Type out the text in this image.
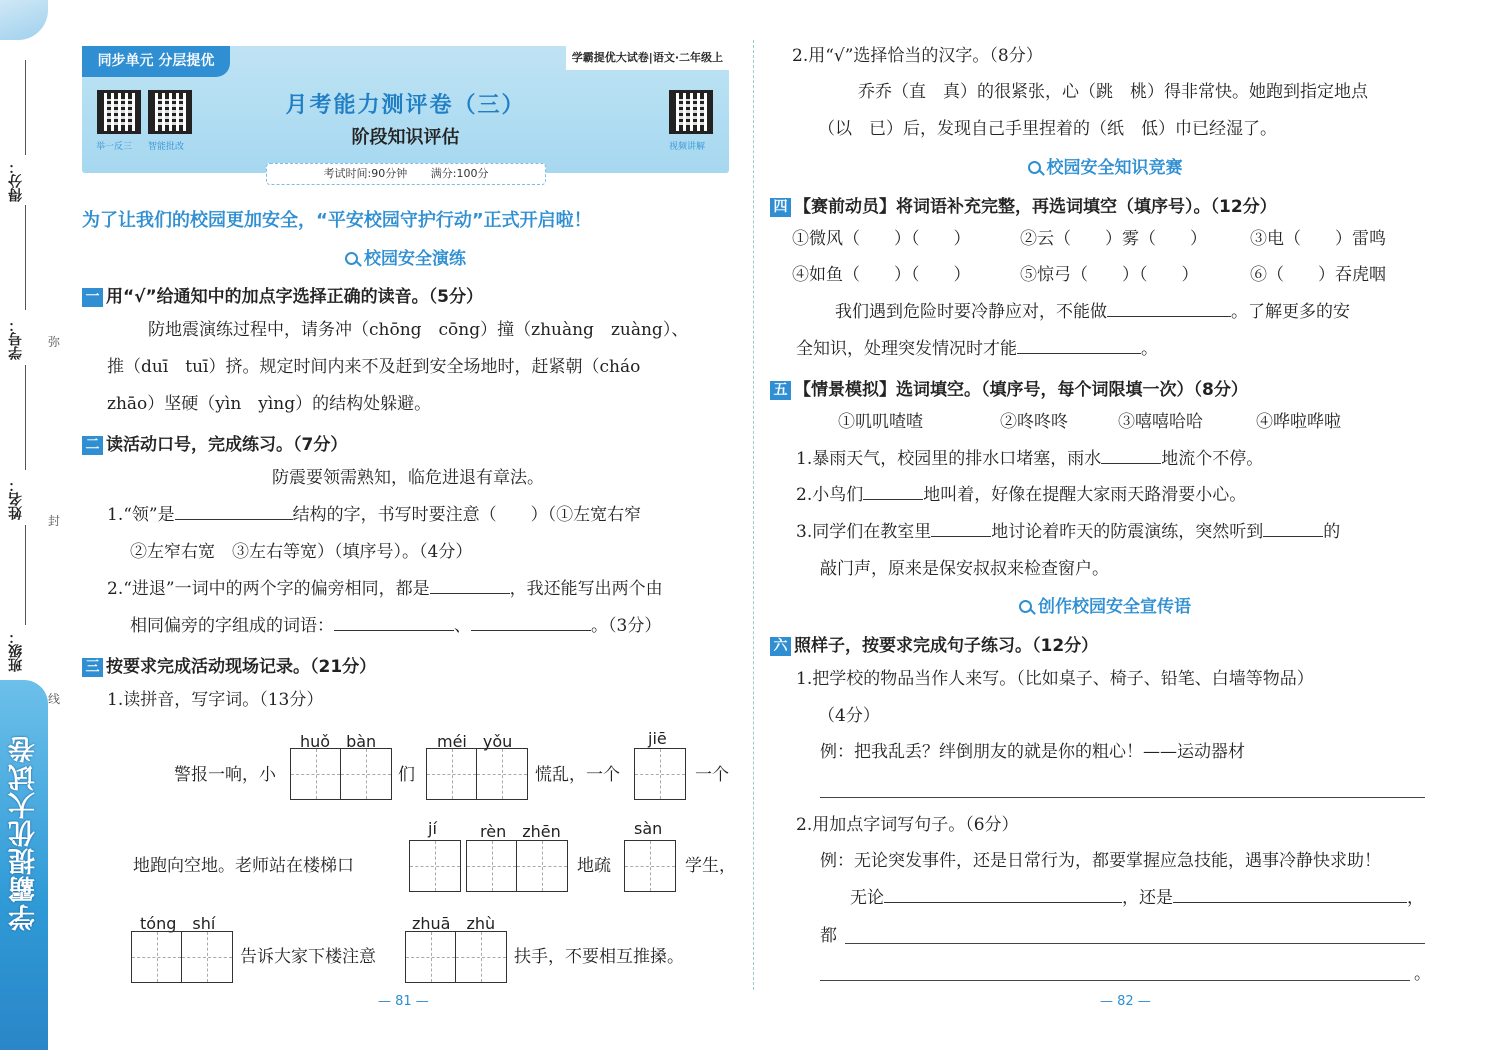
得分：
学号：
姓名：
班级：
弥
封
线
学霸提优大试卷
同步单元 分层提优	学霸提优大试卷|语文·二年级上
举一反三 智能批改	视频讲解
月考能力测评卷（三）
阶段知识评估
考试时间:90分钟 满分:100分
为了让我们的校园更加安全，“平安校园守护行动”正式开启啦！
校园安全演练
一 用“√”给通知中的加点字选择正确的读音。（5分）
防地震演练过程中，请务冲（chōng　cōng）撞（zhuàng　zuàng）、
推（duī　tuī）挤。规定时间内来不及赶到安全场地时，赶紧朝（cháo
zhāo）坚硬（yìn　yìng）的结构处躲避。
二 读活动口号，完成练习。（7分）
防震要领需熟知，临危进退有章法。
1.“领”是	结构的字，书写时要注意（　　）（①左宽右窄
②左窄右宽　③左右等宽）（填序号）。（4分）
2.“进退”一词中的两个字的偏旁相同，都是	，我还能写出两个由
相同偏旁的字组成的词语：	、	。（3分）
三 按要求完成活动现场记录。（21分）
1.读拼音，写字词。（13分）
huǒ　bàn	méi　yǒu	jiē
警报一响，小	们	慌乱，一个	一个
jí	rèn　zhēn	sàn
地跑向空地。老师站在楼梯口	地疏	学生，
tóng　shí	zhuā　zhù
告诉大家下楼注意	扶手，不要相互推搡。
— 81 —
2.用“√”选择恰当的汉字。（8分）
乔乔（直　真）的很紧张，心（跳　桃）得非常快。她跑到指定地点
（以　已）后，发现自己手里捏着的（纸　低）巾已经湿了。
校园安全知识竞赛
四 【赛前动员】将词语补充完整，再选词填空（填序号）。（12分）
①微风（　　）（　　）	②云（　　）雾（　　）	③电（　　）雷鸣
④如鱼（　　）（　　）	⑤惊弓（　　）（　　）	⑥（　　）吞虎咽
我们遇到危险时要冷静应对，不能做	。了解更多的安
全知识，处理突发情况时才能	。
五 【情景模拟】选词填空。（填序号，每个词限填一次）（8分）
①叽叽喳喳	②咚咚咚	③嘻嘻哈哈	④哗啦哗啦
1.暴雨天气，校园里的排水口堵塞，雨水	地流个不停。
2.小鸟们	地叫着，好像在提醒大家雨天路滑要小心。
3.同学们在教室里	地讨论着昨天的防震演练，突然听到	的
敲门声，原来是保安叔叔来检查窗户。
创作校园安全宣传语
六 照样子，按要求完成句子练习。（12分）
1.把学校的物品当作人来写。（比如桌子、椅子、铅笔、白墙等物品）
（4分）
例：把我乱丢？绊倒朋友的就是你的粗心！——运动器材
2.用加点字词写句子。（6分）
例：无论突发事件，还是日常行为，都要掌握应急技能，遇事冷静快求助！
无论	，还是	，
都
。
— 82 —
